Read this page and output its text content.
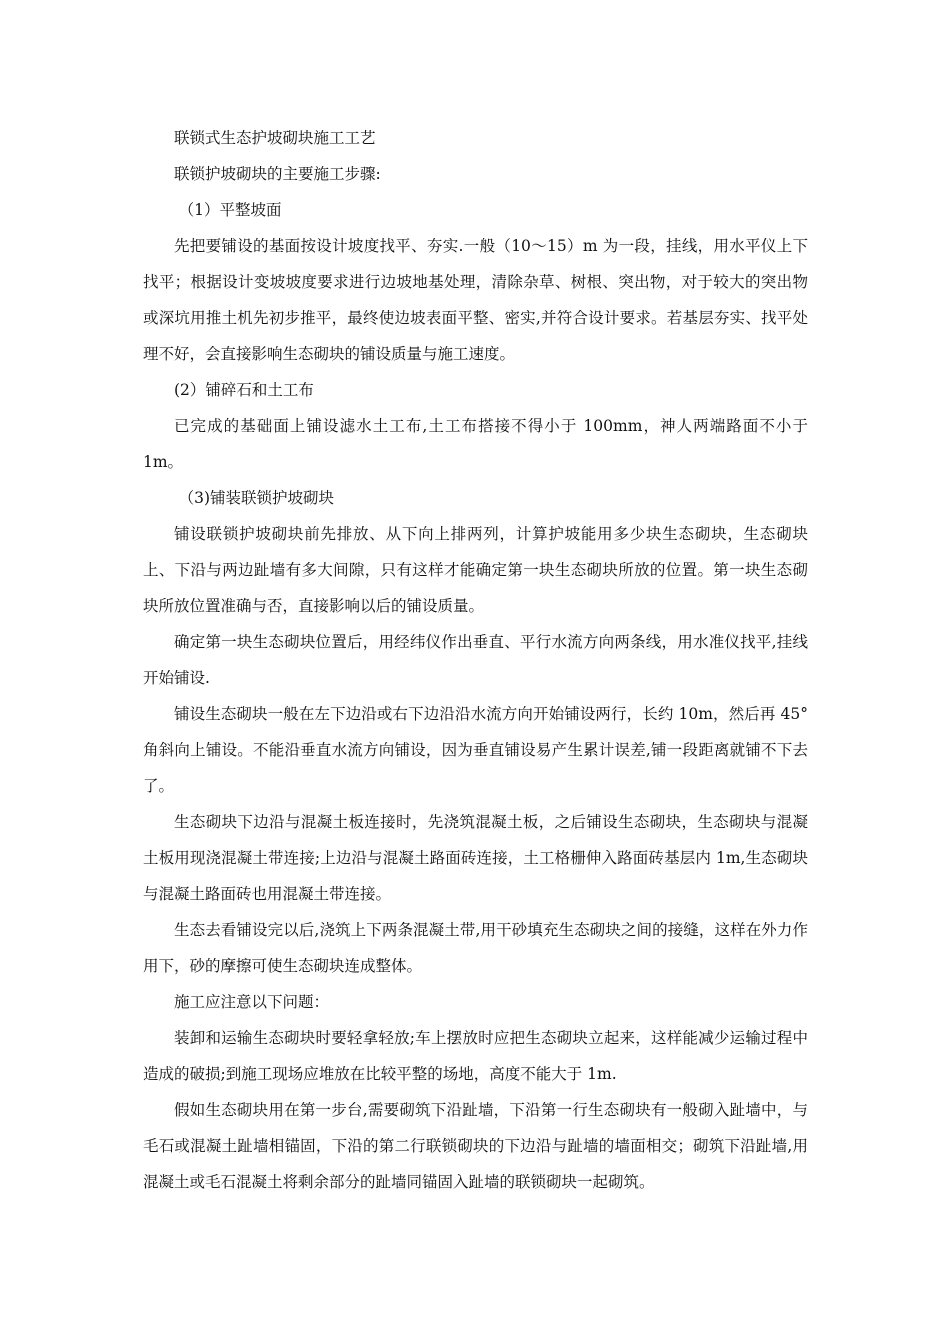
联锁式生态护坡砌块施工工艺

联锁护坡砌块的主要施工步骤:

（1）平整坡面

先把要铺设的基面按设计坡度找平、夯实.一般（10～15）m 为一段，挂线，用水平仪上下找平；根据设计变坡坡度要求进行边坡地基处理，清除杂草、树根、突出物，对于较大的突出物或深坑用推土机先初步推平，最终使边坡表面平整、密实,并符合设计要求。若基层夯实、找平处理不好，会直接影响生态砌块的铺设质量与施工速度。

(2）铺碎石和土工布

已完成的基础面上铺设滤水土工布,土工布搭接不得小于 100mm，神人两端路面不小于 1m。

（3)铺装联锁护坡砌块

铺设联锁护坡砌块前先排放、从下向上排两列，计算护坡能用多少块生态砌块，生态砌块上、下沿与两边趾墙有多大间隙，只有这样才能确定第一块生态砌块所放的位置。第一块生态砌块所放位置准确与否，直接影响以后的铺设质量。

确定第一块生态砌块位置后，用经纬仪作出垂直、平行水流方向两条线，用水准仪找平,挂线开始铺设.

铺设生态砌块一般在左下边沿或右下边沿沿水流方向开始铺设两行，长约 10m，然后再 45°角斜向上铺设。不能沿垂直水流方向铺设，因为垂直铺设易产生累计误差,铺一段距离就铺不下去了。

生态砌块下边沿与混凝土板连接时，先浇筑混凝土板，之后铺设生态砌块，生态砌块与混凝土板用现浇混凝土带连接;上边沿与混凝土路面砖连接，土工格栅伸入路面砖基层内 1m,生态砌块与混凝土路面砖也用混凝土带连接。

生态去看铺设完以后,浇筑上下两条混凝土带,用干砂填充生态砌块之间的接缝，这样在外力作用下，砂的摩擦可使生态砌块连成整体。

施工应注意以下问题：

装卸和运输生态砌块时要轻拿轻放;车上摆放时应把生态砌块立起来，这样能减少运输过程中造成的破损;到施工现场应堆放在比较平整的场地，高度不能大于 1m.

假如生态砌块用在第一步台,需要砌筑下沿趾墙，下沿第一行生态砌块有一般砌入趾墙中，与毛石或混凝土趾墙相锚固，下沿的第二行联锁砌块的下边沿与趾墙的墙面相交；砌筑下沿趾墙,用混凝土或毛石混凝土将剩余部分的趾墙同锚固入趾墙的联锁砌块一起砌筑。
